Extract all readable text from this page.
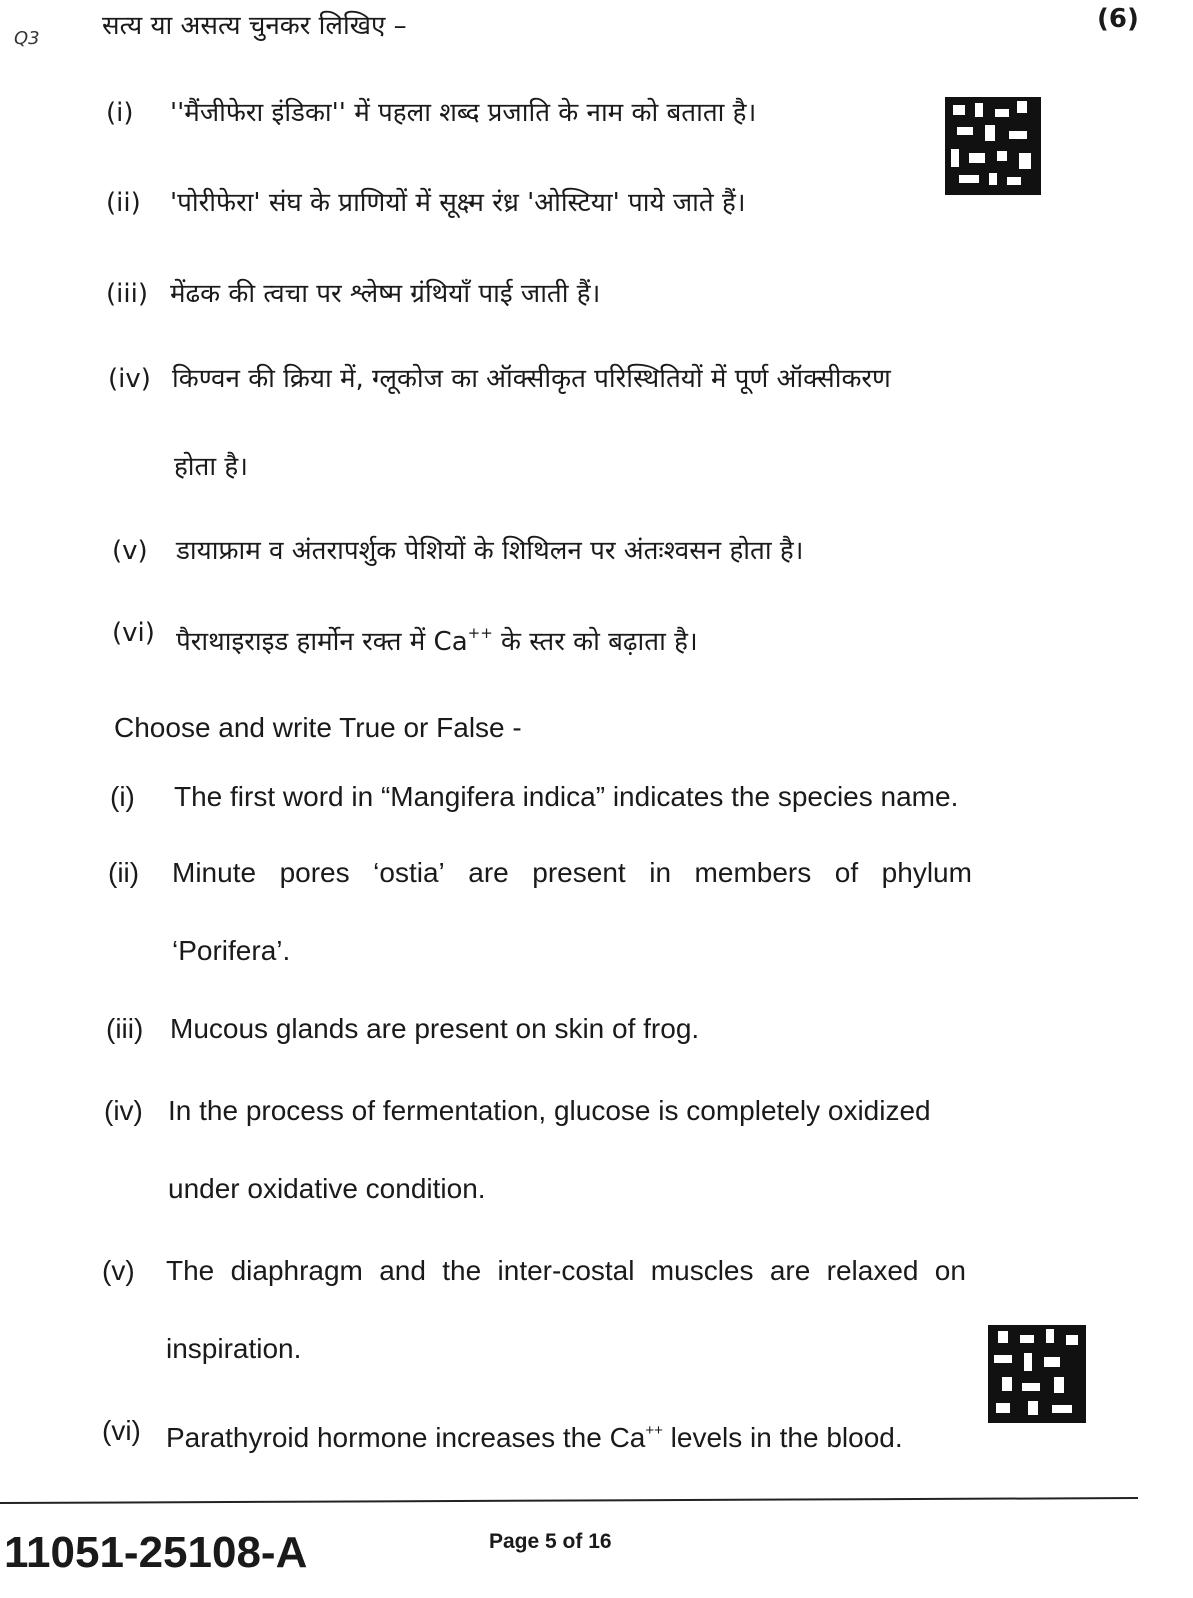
Q3 सत्य या असत्य चुनकर लिखिए –	(6)
(i) ''मैंजीफेरा इंडिका'' में पहला शब्द प्रजाति के नाम को बताता है।
(ii) 'पोरीफेरा' संघ के प्राणियों में सूक्ष्म रंध्र 'ओस्टिया' पाये जाते हैं।
(iii) मेंढक की त्वचा पर श्लेष्म ग्रंथियाँ पाई जाती हैं।
(iv) किण्वन की क्रिया में, ग्लूकोज का ऑक्सीकृत परिस्थितियों में पूर्ण ऑक्सीकरण
होता है।
(v) डायाफ्राम व अंतरापर्शुक पेशियों के शिथिलन पर अंतःश्वसन होता है।
(vi) पैराथाइराइड हार्मोन रक्त में Ca++ के स्तर को बढ़ाता है।
Choose and write True or False -
(i) The first word in “Mangifera indica” indicates the species name.
(ii) Minute pores ‘ostia’ are present in members of phylum
‘Porifera’.
(iii) Mucous glands are present on skin of frog.
(iv) In the process of fermentation, glucose is completely oxidized
under oxidative condition.
(v) The diaphragm and the inter-costal muscles are relaxed on
inspiration.
(vi) Parathyroid hormone increases the Ca++ levels in the blood.
11051-25108-A	Page 5 of 16
